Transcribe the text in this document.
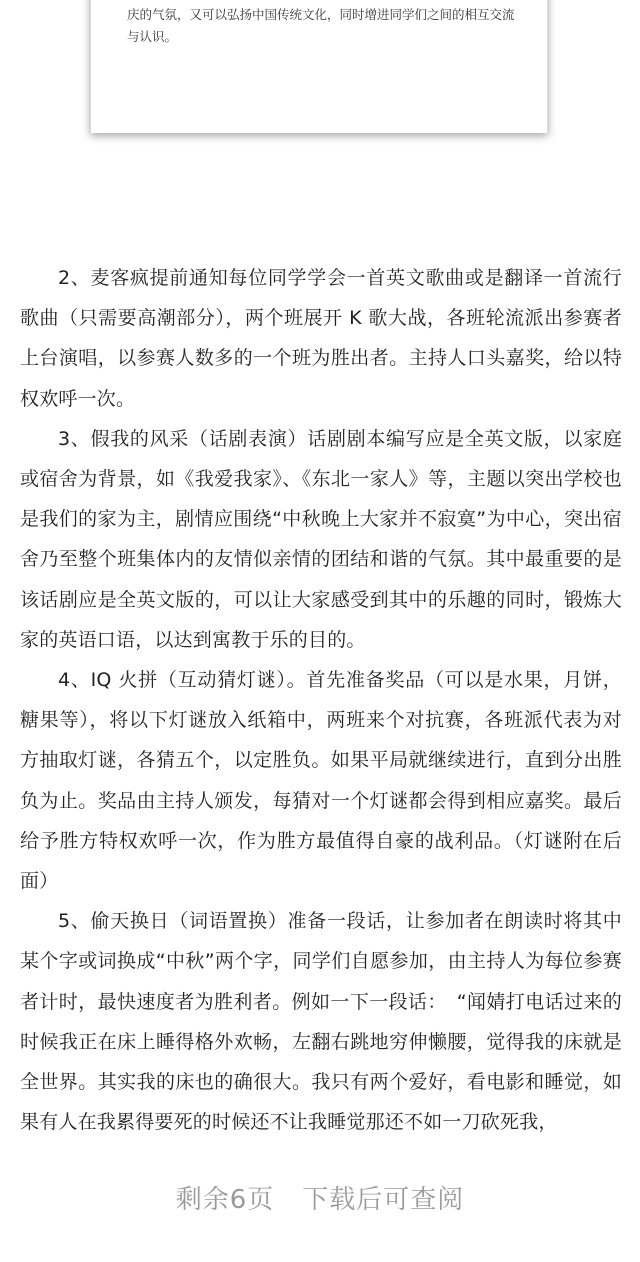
庆的气氛，又可以弘扬中国传统文化，同时增进同学们之间的相互交流与认识。

2、麦客疯提前通知每位同学学会一首英文歌曲或是翻译一首流行歌曲（只需要高潮部分），两个班展开 K 歌大战，各班轮流派出参赛者上台演唱，以参赛人数多的一个班为胜出者。主持人口头嘉奖，给以特权欢呼一次。

3、假我的风采（话剧表演）话剧剧本编写应是全英文版，以家庭或宿舍为背景，如《我爱我家》、《东北一家人》等，主题以突出学校也是我们的家为主，剧情应围绕“中秋晚上大家并不寂寞”为中心，突出宿舍乃至整个班集体内的友情似亲情的团结和谐的气氛。其中最重要的是该话剧应是全英文版的，可以让大家感受到其中的乐趣的同时，锻炼大家的英语口语，以达到寓教于乐的目的。

4、IQ 火拼（互动猜灯谜）。首先准备奖品（可以是水果，月饼，糖果等），将以下灯谜放入纸箱中，两班来个对抗赛，各班派代表为对方抽取灯谜，各猜五个，以定胜负。如果平局就继续进行，直到分出胜负为止。奖品由主持人颁发，每猜对一个灯谜都会得到相应嘉奖。最后给予胜方特权欢呼一次，作为胜方最值得自豪的战利品。（灯谜附在后面）

5、偷天换日（词语置换）准备一段话，让参加者在朗读时将其中某个字或词换成“中秋”两个字，同学们自愿参加，由主持人为每位参赛者计时，最快速度者为胜利者。例如一下一段话：　“闻婧打电话过来的时候我正在床上睡得格外欢畅，左翻右跳地穷伸懒腰，觉得我的床就是全世界。其实我的床也的确很大。我只有两个爱好，看电影和睡觉，如果有人在我累得要死的时候还不让我睡觉那还不如一刀砍死我，

剩余6页 下载后可查阅
